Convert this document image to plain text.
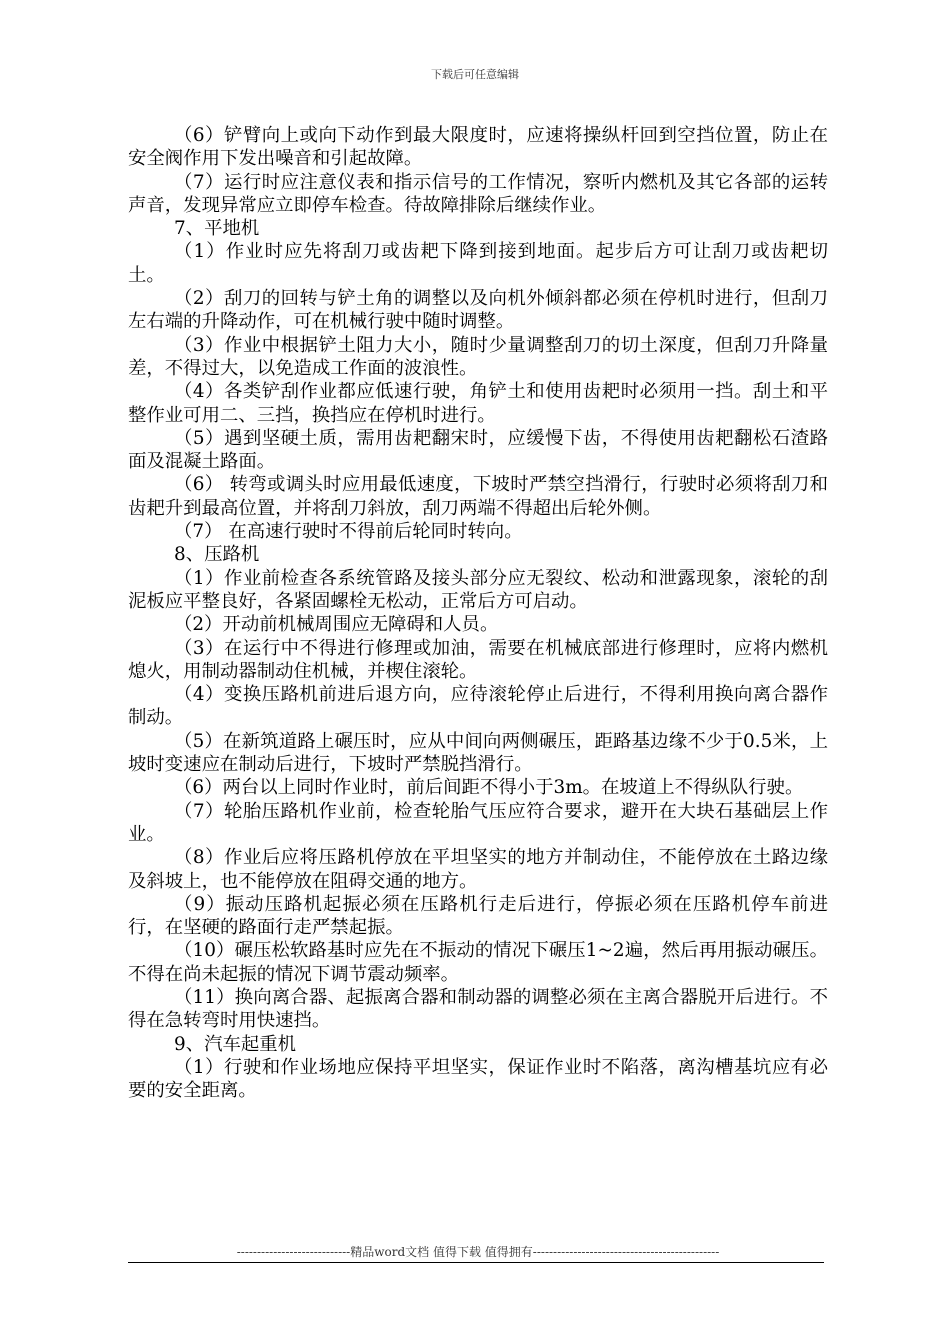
下载后可任意编辑

（6）铲臂向上或向下动作到最大限度时，应速将操纵杆回到空挡位置，防止在安全阀作用下发出噪音和引起故障。

（7）运行时应注意仪表和指示信号的工作情况，察听内燃机及其它各部的运转声音，发现异常应立即停车检查。待故障排除后继续作业。

7、平地机

（1）作业时应先将刮刀或齿耙下降到接到地面。起步后方可让刮刀或齿耙切土。

（2）刮刀的回转与铲土角的调整以及向机外倾斜都必须在停机时进行，但刮刀左右端的升降动作，可在机械行驶中随时调整。

（3）作业中根据铲土阻力大小，随时少量调整刮刀的切土深度，但刮刀升降量差，不得过大，以免造成工作面的波浪性。

（4）各类铲刮作业都应低速行驶，角铲土和使用齿耙时必须用一挡。刮土和平整作业可用二、三挡，换挡应在停机时进行。

（5）遇到坚硬土质，需用齿耙翻宋时，应缓慢下齿，不得使用齿耙翻松石渣路面及混凝土路面。

（6） 转弯或调头时应用最低速度，下坡时严禁空挡滑行，行驶时必须将刮刀和齿耙升到最高位置，并将刮刀斜放，刮刀两端不得超出后轮外侧。

（7） 在高速行驶时不得前后轮同时转向。

8、压路机

（1）作业前检查各系统管路及接头部分应无裂纹、松动和泄露现象，滚轮的刮泥板应平整良好，各紧固螺栓无松动，正常后方可启动。

（2）开动前机械周围应无障碍和人员。

（3）在运行中不得进行修理或加油，需要在机械底部进行修理时，应将内燃机熄火，用制动器制动住机械，并楔住滚轮。

（4）变换压路机前进后退方向，应待滚轮停止后进行，不得利用换向离合器作制动。

（5）在新筑道路上碾压时，应从中间向两侧碾压，距路基边缘不少于0.5米，上坡时变速应在制动后进行，下坡时严禁脱挡滑行。

（6）两台以上同时作业时，前后间距不得小于3m。在坡道上不得纵队行驶。

（7）轮胎压路机作业前，检查轮胎气压应符合要求，避开在大块石基础层上作业。

（8）作业后应将压路机停放在平坦坚实的地方并制动住，不能停放在土路边缘及斜坡上，也不能停放在阻碍交通的地方。

（9）振动压路机起振必须在压路机行走后进行，停振必须在压路机停车前进行，在坚硬的路面行走严禁起振。

（10）碾压松软路基时应先在不振动的情况下碾压1~2遍，然后再用振动碾压。不得在尚未起振的情况下调节震动频率。

（11）换向离合器、起振离合器和制动器的调整必须在主离合器脱开后进行。不得在急转弯时用快速挡。

9、汽车起重机

（1）行驶和作业场地应保持平坦坚实，保证作业时不陷落，离沟槽基坑应有必要的安全距离。

----------------------------精品word文档 值得下载 值得拥有----------------------------------------------
